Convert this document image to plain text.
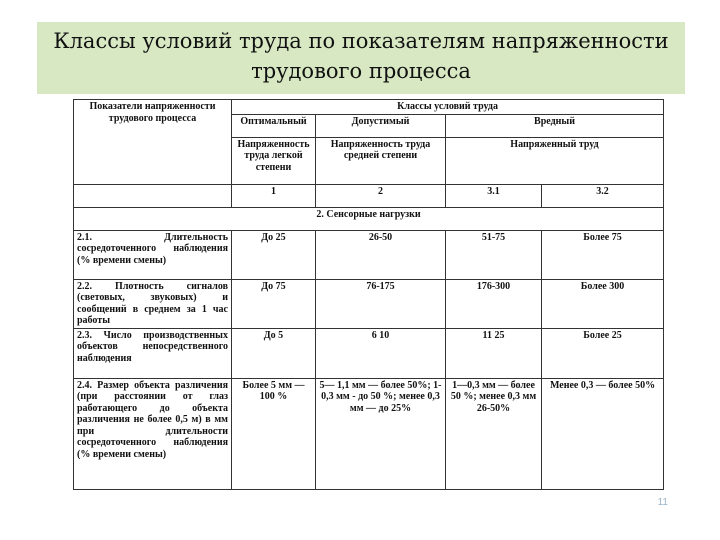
Классы условий труда по показателям напряженности трудового процесса
Показатели напряженности трудового процесса	Классы условий труда			
	Оптимальный	Допустимый	Вредный	
	Напряженность труда легкой степени	Напряженность труда средней степени	Напряженный труд	
	1	2	3.1	3.2
2. Сенсорные нагрузки				
2.1. Длительность сосредоточенного наблюдения (% времени смены)	До 25	26-50	51-75	Более 75
2.2. Плотность сигналов (световых, звуковых) и сообщений в среднем за 1 час работы	До 75	76-175	176-300	Более 300
2.3. Число производственных объектов непосредственного наблюдения	До 5	6 10	11 25	Более 25
2.4. Размер объекта различения (при расстоянии от глаз работающего до объекта различения не более 0,5 м) в мм при длительности сосредоточенного наблюдения (% времени смены)	Более 5 мм — 100 %	5— 1,1 мм — более 50%; 1-0,3 мм - до 50 %; менее 0,3 мм — до 25%	1—0,3 мм — более 50 %; менее 0,3 мм 26-50%	Менее 0,3 — более 50%
11
